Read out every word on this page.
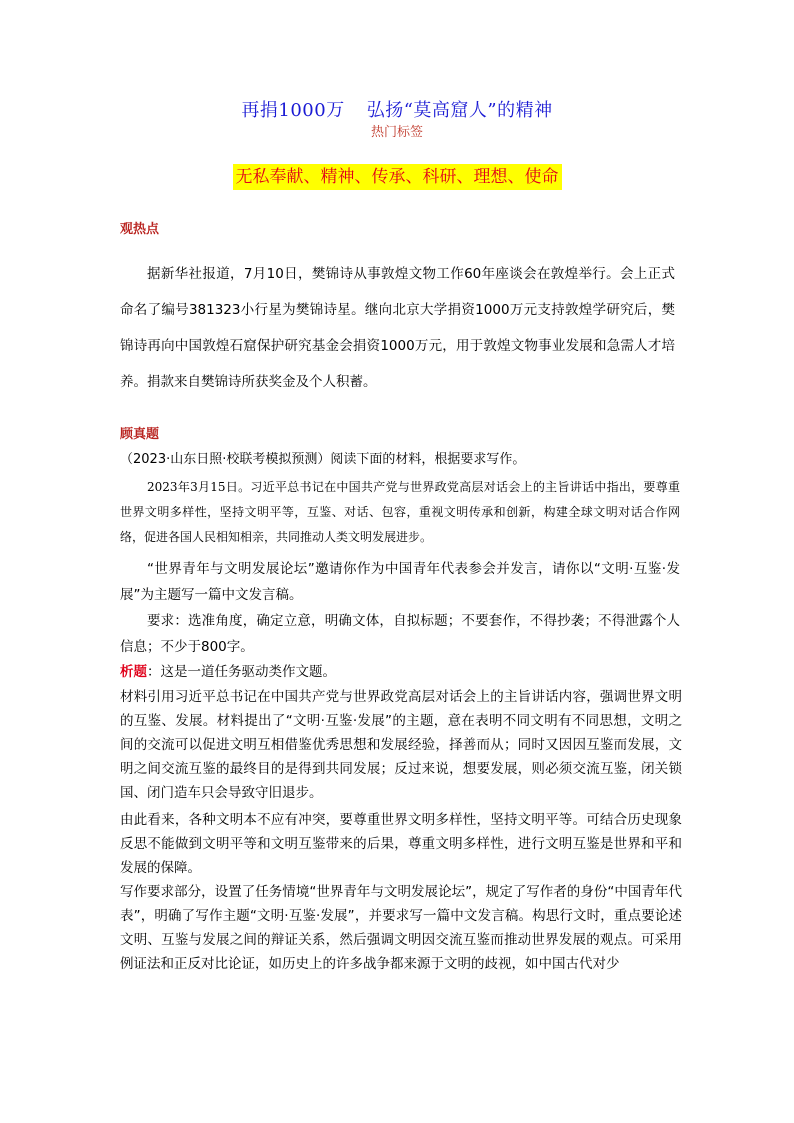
再捐1000万 弘扬“莫高窟人”的精神
热门标签
无私奉献、精神、传承、科研、理想、使命
观热点
据新华社报道，7月10日，樊锦诗从事敦煌文物工作60年座谈会在敦煌举行。会上正式命名了编号381323小行星为樊锦诗星。继向北京大学捐资1000万元支持敦煌学研究后，樊锦诗再向中国敦煌石窟保护研究基金会捐资1000万元，用于敦煌文物事业发展和急需人才培养。捐款来自樊锦诗所获奖金及个人积蓄。
顾真题
（2023·山东日照·校联考模拟预测）阅读下面的材料，根据要求写作。
2023年3月15日。习近平总书记在中国共产党与世界政党高层对话会上的主旨讲话中指出，要尊重世界文明多样性，坚持文明平等，互鉴、对话、包容，重视文明传承和创新，构建全球文明对话合作网络，促进各国人民相知相亲，共同推动人类文明发展进步。
“世界青年与文明发展论坛”邀请你作为中国青年代表参会并发言，请你以“文明·互鉴·发展”为主题写一篇中文发言稿。
要求：选准角度，确定立意，明确文体，自拟标题；不要套作，不得抄袭；不得泄露个人信息；不少于800字。
析题：这是一道任务驱动类作文题。
材料引用习近平总书记在中国共产党与世界政党高层对话会上的主旨讲话内容，强调世界文明的互鉴、发展。材料提出了“文明·互鉴·发展”的主题，意在表明不同文明有不同思想，文明之间的交流可以促进文明互相借鉴优秀思想和发展经验，择善而从；同时又因因互鉴而发展，文明之间交流互鉴的最终目的是得到共同发展；反过来说，想要发展，则必须交流互鉴，闭关锁国、闭门造车只会导致守旧退步。
由此看来，各种文明本不应有冲突，要尊重世界文明多样性，坚持文明平等。可结合历史现象反思不能做到文明平等和文明互鉴带来的后果，尊重文明多样性，进行文明互鉴是世界和平和发展的保障。
写作要求部分，设置了任务情境“世界青年与文明发展论坛”，规定了写作者的身份“中国青年代表”，明确了写作主题“文明·互鉴·发展”，并要求写一篇中文发言稿。构思行文时，重点要论述文明、互鉴与发展之间的辩证关系，然后强调文明因交流互鉴而推动世界发展的观点。可采用例证法和正反对比论证，如历史上的许多战争都来源于文明的歧视，如中国古代对少
